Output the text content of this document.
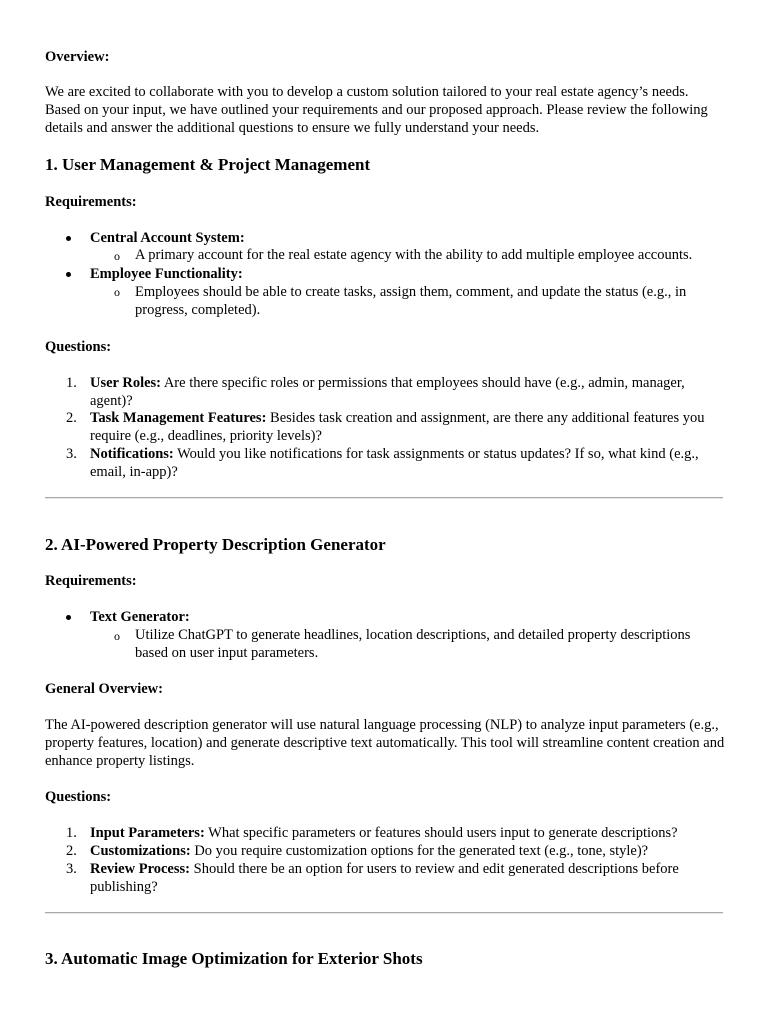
Overview:

We are excited to collaborate with you to develop a custom solution tailored to your real estate agency’s needs. Based on your input, we have outlined your requirements and our proposed approach. Please review the following details and answer the additional questions to ensure we fully understand your needs.

1. User Management & Project Management

Requirements:

Central Account System:

o A primary account for the real estate agency with the ability to add multiple employee accounts.

Employee Functionality:

o Employees should be able to create tasks, assign them, comment, and update the status (e.g., in progress, completed).

Questions:

1. User Roles: Are there specific roles or permissions that employees should have (e.g., admin, manager, agent)?

2. Task Management Features: Besides task creation and assignment, are there any additional features you require (e.g., deadlines, priority levels)?

3. Notifications: Would you like notifications for task assignments or status updates? If so, what kind (e.g., email, in-app)?

2. AI-Powered Property Description Generator

Requirements:

Text Generator:

o Utilize ChatGPT to generate headlines, location descriptions, and detailed property descriptions based on user input parameters.

General Overview:

The AI-powered description generator will use natural language processing (NLP) to analyze input parameters (e.g., property features, location) and generate descriptive text automatically. This tool will streamline content creation and enhance property listings.

Questions:

1. Input Parameters: What specific parameters or features should users input to generate descriptions?

2. Customizations: Do you require customization options for the generated text (e.g., tone, style)?

3. Review Process: Should there be an option for users to review and edit generated descriptions before publishing?

3. Automatic Image Optimization for Exterior Shots
